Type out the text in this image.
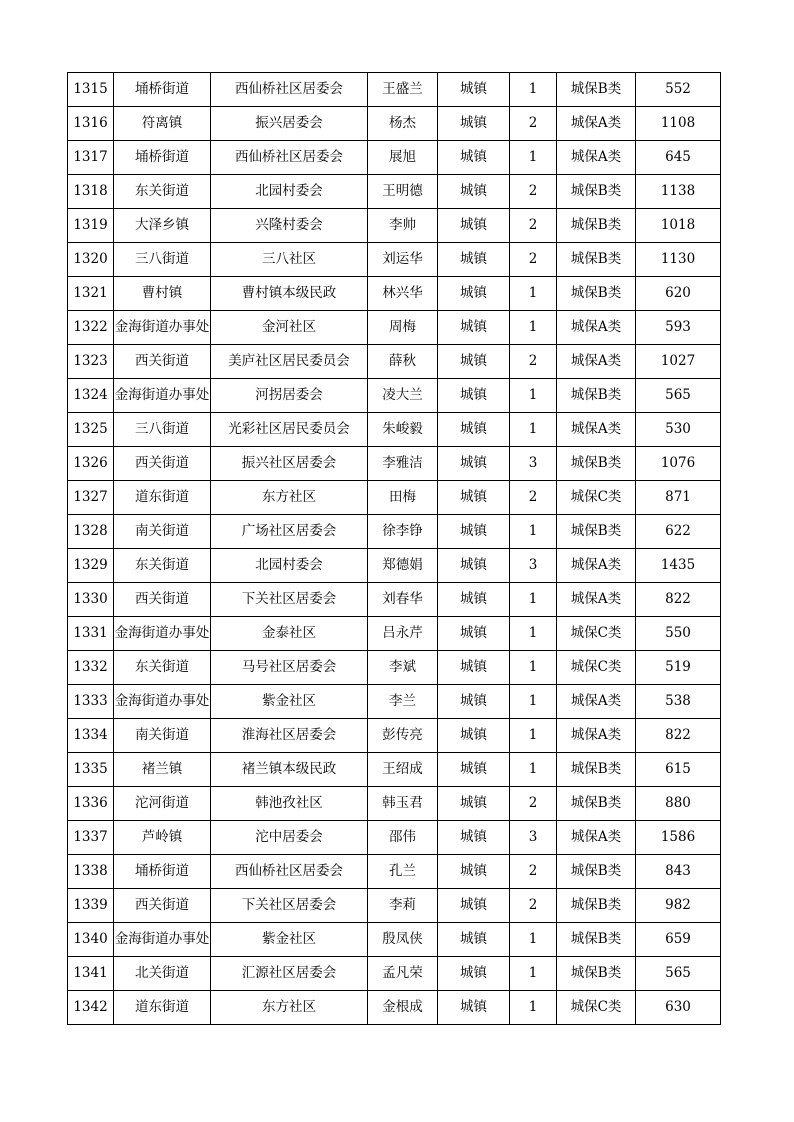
1315	埇桥街道	西仙桥社区居委会	王盛兰	城镇	1	城保B类	552
1316	符离镇	振兴居委会	杨杰	城镇	2	城保A类	1108
1317	埇桥街道	西仙桥社区居委会	展旭	城镇	1	城保A类	645
1318	东关街道	北园村委会	王明德	城镇	2	城保B类	1138
1319	大泽乡镇	兴隆村委会	李帅	城镇	2	城保B类	1018
1320	三八街道	三八社区	刘运华	城镇	2	城保B类	1130
1321	曹村镇	曹村镇本级民政	林兴华	城镇	1	城保B类	620
1322	金海街道办事处	金河社区	周梅	城镇	1	城保A类	593
1323	西关街道	美庐社区居民委员会	薛秋	城镇	2	城保A类	1027
1324	金海街道办事处	河拐居委会	凌大兰	城镇	1	城保B类	565
1325	三八街道	光彩社区居民委员会	朱峻毅	城镇	1	城保A类	530
1326	西关街道	振兴社区居委会	李雅洁	城镇	3	城保B类	1076
1327	道东街道	东方社区	田梅	城镇	2	城保C类	871
1328	南关街道	广场社区居委会	徐李铮	城镇	1	城保B类	622
1329	东关街道	北园村委会	郑德娟	城镇	3	城保A类	1435
1330	西关街道	下关社区居委会	刘春华	城镇	1	城保A类	822
1331	金海街道办事处	金泰社区	吕永芹	城镇	1	城保C类	550
1332	东关街道	马号社区居委会	李斌	城镇	1	城保C类	519
1333	金海街道办事处	紫金社区	李兰	城镇	1	城保A类	538
1334	南关街道	淮海社区居委会	彭传亮	城镇	1	城保A类	822
1335	褚兰镇	褚兰镇本级民政	王绍成	城镇	1	城保B类	615
1336	沱河街道	韩池孜社区	韩玉君	城镇	2	城保B类	880
1337	芦岭镇	沱中居委会	邵伟	城镇	3	城保A类	1586
1338	埇桥街道	西仙桥社区居委会	孔兰	城镇	2	城保B类	843
1339	西关街道	下关社区居委会	李莉	城镇	2	城保B类	982
1340	金海街道办事处	紫金社区	殷凤侠	城镇	1	城保B类	659
1341	北关街道	汇源社区居委会	孟凡荣	城镇	1	城保B类	565
1342	道东街道	东方社区	金根成	城镇	1	城保C类	630
